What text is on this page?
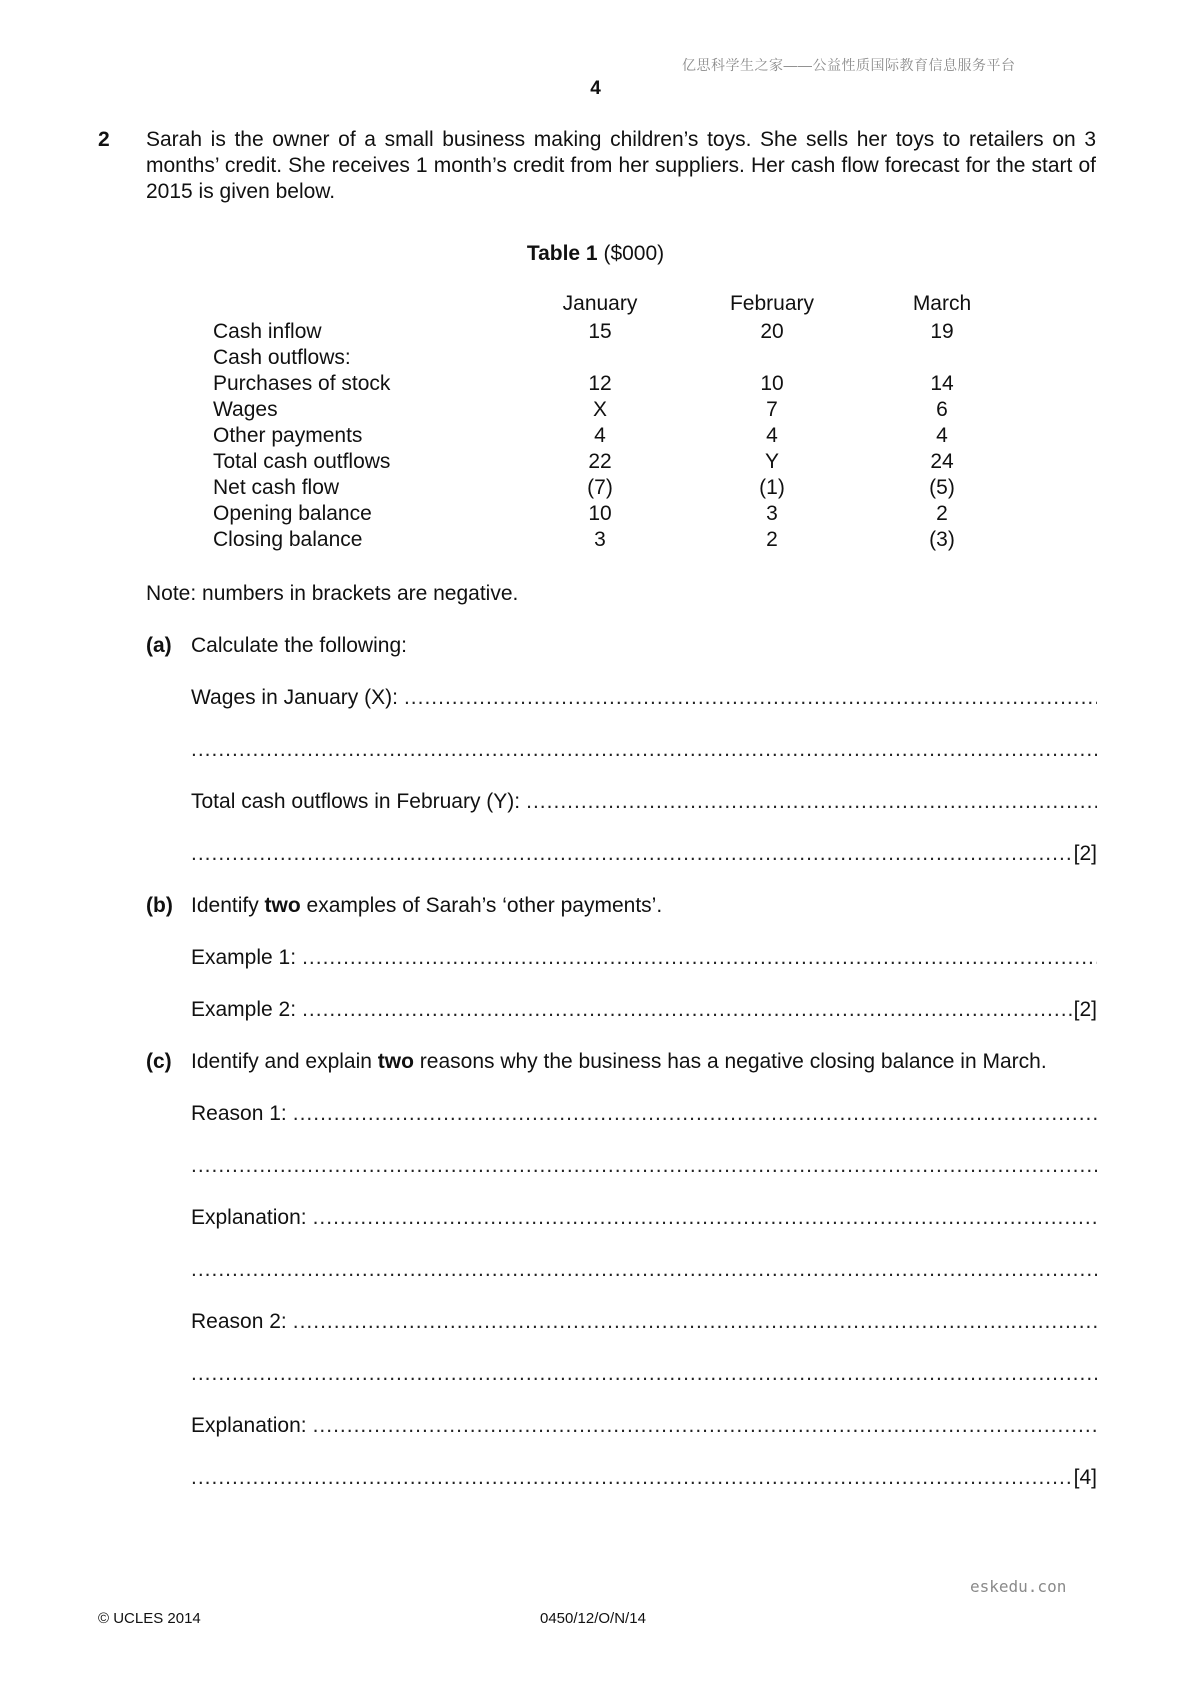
亿思科学生之家——公益性质国际教育信息服务平台
4
2 Sarah is the owner of a small business making children’s toys. She sells her toys to retailers on 3 months’ credit. She receives 1 month’s credit from her suppliers. Her cash flow forecast for the start of 2015 is given below.
Table 1 ($000)
January	February	March
Cash inflow	15	20	19
Cash outflows:
Purchases of stock	12	10	14
Wages	X	7	6
Other payments	4	4	4
Total cash outflows	22	Y	24
Net cash flow	(7)	(1)	(5)
Opening balance	10	3	2
Closing balance	3	2	(3)
Note: numbers in brackets are negative.
(a) Calculate the following:
Wages in January (X):
.....
.....
Total cash outflows in February (Y):
.....
.....
[2]
(b) Identify two examples of Sarah’s ‘other payments’.
Example 1:
.....
Example 2:
.....	[2]
(c) Identify and explain two reasons why the business has a negative closing balance in March.
Reason 1:
.....
.....
Explanation:
.....
.....
Reason 2:
.....
.....
Explanation:
.....
.....
[4]
eskedu.con
© UCLES 2014	0450/12/O/N/14
